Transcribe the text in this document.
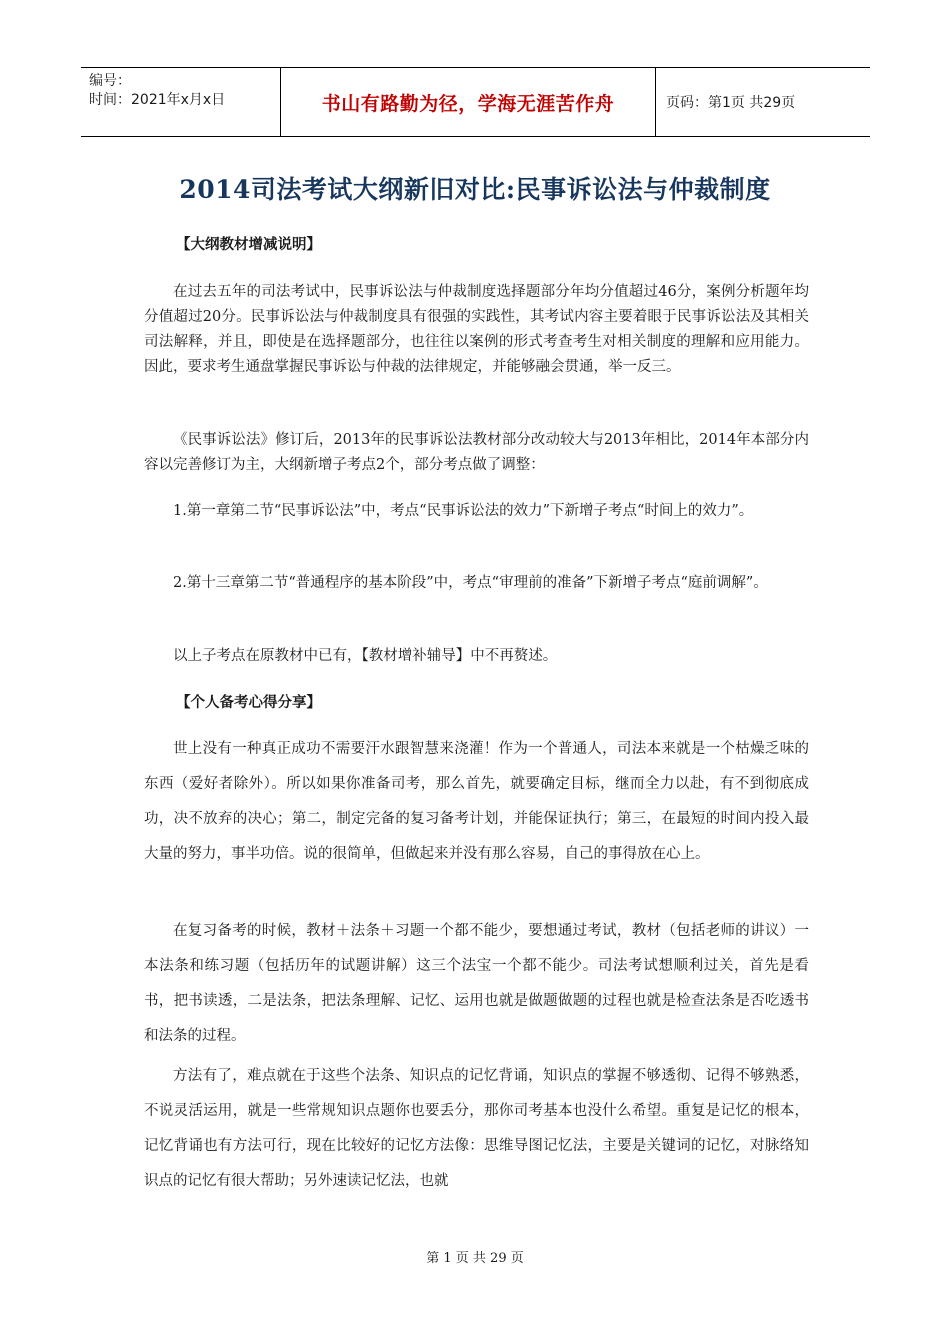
编号：
时间：2021年x月x日	书山有路勤为径，学海无涯苦作舟	页码：第1页 共29页
2014司法考试大纲新旧对比:民事诉讼法与仲裁制度

【大纲教材增减说明】

在过去五年的司法考试中，民事诉讼法与仲裁制度选择题部分年均分值超过46分，案例分析题年均分值超过20分。民事诉讼法与仲裁制度具有很强的实践性，其考试内容主要着眼于民事诉讼法及其相关司法解释，并且，即使是在选择题部分，也往往以案例的形式考查考生对相关制度的理解和应用能力。因此，要求考生通盘掌握民事诉讼与仲裁的法律规定，并能够融会贯通，举一反三。

《民事诉讼法》修订后，2013年的民事诉讼法教材部分改动较大与2013年相比，2014年本部分内容以完善修订为主，大纲新增子考点2个，部分考点做了调整：

1.第一章第二节“民事诉讼法”中，考点“民事诉讼法的效力”下新增子考点“时间上的效力”。

2.第十三章第二节“普通程序的基本阶段”中，考点“审理前的准备”下新增子考点“庭前调解”。

以上子考点在原教材中已有，【教材增补辅导】中不再赘述。

【个人备考心得分享】

世上没有一种真正成功不需要汗水跟智慧来浇灌！作为一个普通人，司法本来就是一个枯燥乏味的东西（爱好者除外）。所以如果你准备司考，那么首先，就要确定目标，继而全力以赴，有不到彻底成功，决不放弃的决心；第二，制定完备的复习备考计划，并能保证执行；第三，在最短的时间内投入最大量的努力，事半功倍。说的很简单，但做起来并没有那么容易，自己的事得放在心上。

在复习备考的时候，教材＋法条＋习题一个都不能少，要想通过考试，教材（包括老师的讲议）一本法条和练习题（包括历年的试题讲解）这三个法宝一个都不能少。司法考试想顺利过关，首先是看书，把书读透，二是法条，把法条理解、记忆、运用也就是做题做题的过程也就是检查法条是否吃透书和法条的过程。

方法有了，难点就在于这些个法条、知识点的记忆背诵，知识点的掌握不够透彻、记得不够熟悉，不说灵活运用，就是一些常规知识点题你也要丢分，那你司考基本也没什么希望。重复是记忆的根本，记忆背诵也有方法可行，现在比较好的记忆方法像：思维导图记忆法，主要是关键词的记忆，对脉络知识点的记忆有很大帮助；另外速读记忆法，也就

第 1 页 共 29 页
